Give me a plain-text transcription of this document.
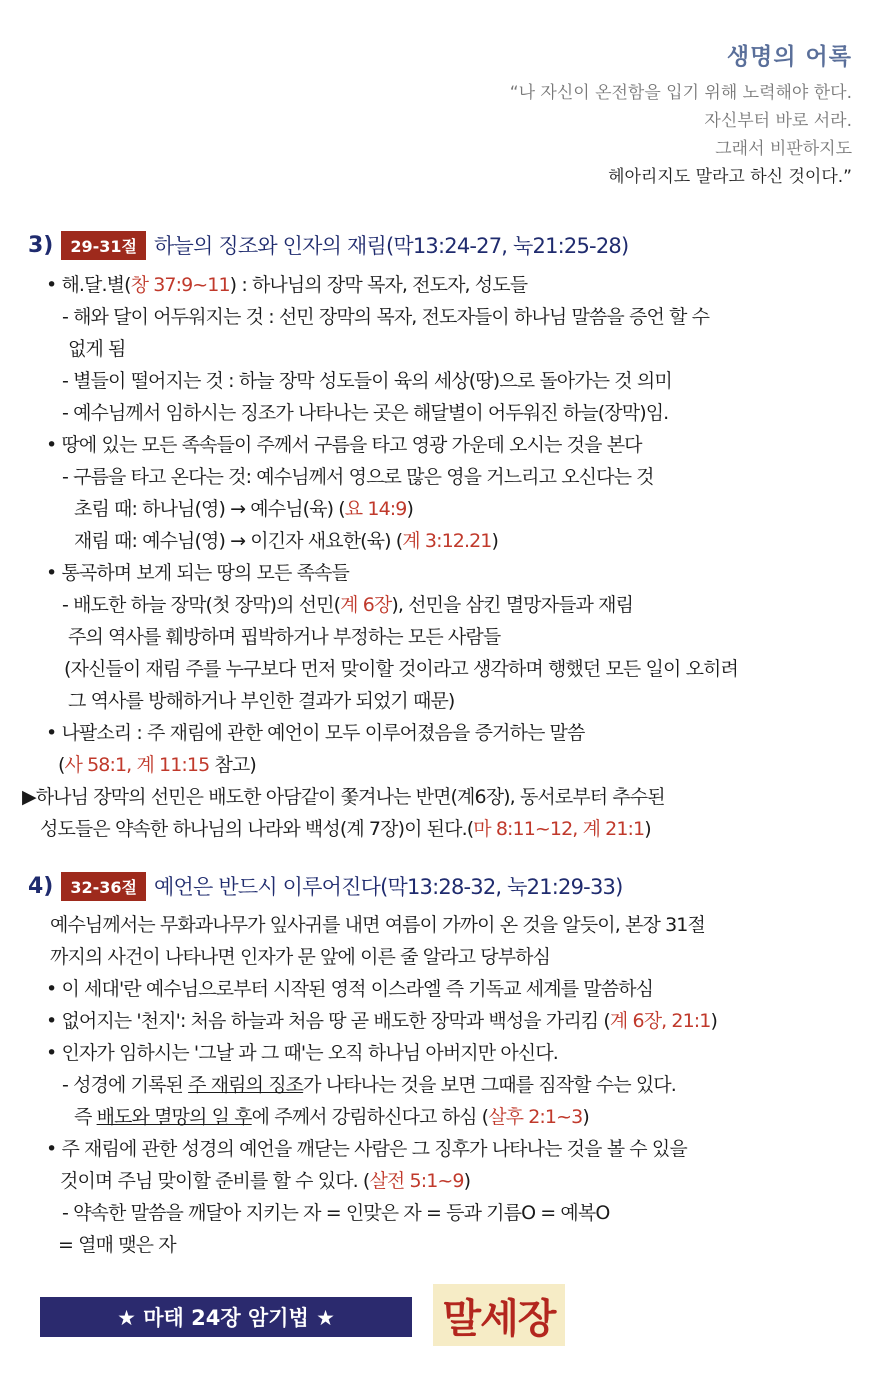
생명의 어록
“나 자신이 온전함을 입기 위해 노력해야 한다.
자신부터 바로 서라.
그래서 비판하지도
헤아리지도 말라고 하신 것이다.”
3)	29-31절 하늘의 징조와 인자의 재림(막13:24-27, 눅21:25-28)
• 해.달.별(창 37:9~11) : 하나님의 장막 목자, 전도자, 성도들
- 해와 달이 어두워지는 것 : 선민 장막의 목자, 전도자들이 하나님 말씀을 증언 할 수
없게 됨
- 별들이 떨어지는 것 : 하늘 장막 성도들이 육의 세상(땅)으로 돌아가는 것 의미
- 예수님께서 임하시는 징조가 나타나는 곳은 해달별이 어두워진 하늘(장막)임.
• 땅에 있는 모든 족속들이 주께서 구름을 타고 영광 가운데 오시는 것을 본다
- 구름을 타고 온다는 것: 예수님께서 영으로 많은 영을 거느리고 오신다는 것
초림 때: 하나님(영) → 예수님(육) (요 14:9)
재림 때: 예수님(영) → 이긴자 새요한(육) (계 3:12.21)
• 통곡하며 보게 되는 땅의 모든 족속들
- 배도한 하늘 장막(첫 장막)의 선민(계 6장), 선민을 삼킨 멸망자들과 재림
주의 역사를 훼방하며 핍박하거나 부정하는 모든 사람들
(자신들이 재림 주를 누구보다 먼저 맞이할 것이라고 생각하며 행했던 모든 일이 오히려
그 역사를 방해하거나 부인한 결과가 되었기 때문)
• 나팔소리 : 주 재림에 관한 예언이 모두 이루어졌음을 증거하는 말씀
(사 58:1, 계 11:15 참고)
▶하나님 장막의 선민은 배도한 아담같이 쫓겨나는 반면(계6장), 동서로부터 추수된
성도들은 약속한 하나님의 나라와 백성(계 7장)이 된다.(마 8:11~12, 계 21:1)
4)	32-36절 예언은 반드시 이루어진다(막13:28-32, 눅21:29-33)
예수님께서는 무화과나무가 잎사귀를 내면 여름이 가까이 온 것을 알듯이, 본장 31절
까지의 사건이 나타나면 인자가 문 앞에 이른 줄 알라고 당부하심
• 이 세대'란 예수님으로부터 시작된 영적 이스라엘 즉 기독교 세계를 말씀하심
• 없어지는 '천지': 처음 하늘과 처음 땅 곧 배도한 장막과 백성을 가리킴 (계 6장, 21:1)
• 인자가 임하시는 '그날 과 그 때'는 오직 하나님 아버지만 아신다.
- 성경에 기록된 주 재림의 징조가 나타나는 것을 보면 그때를 짐작할 수는 있다.
즉 배도와 멸망의 일 후에 주께서 강림하신다고 하심 (살후 2:1~3)
• 주 재림에 관한 성경의 예언을 깨닫는 사람은 그 징후가 나타나는 것을 볼 수 있을
것이며 주님 맞이할 준비를 할 수 있다. (살전 5:1~9)
- 약속한 말씀을 깨달아 지키는 자 = 인맞은 자 = 등과 기름O = 예복O
= 열매 맺은 자
★ 마태 24장 암기법 ★	말세장
